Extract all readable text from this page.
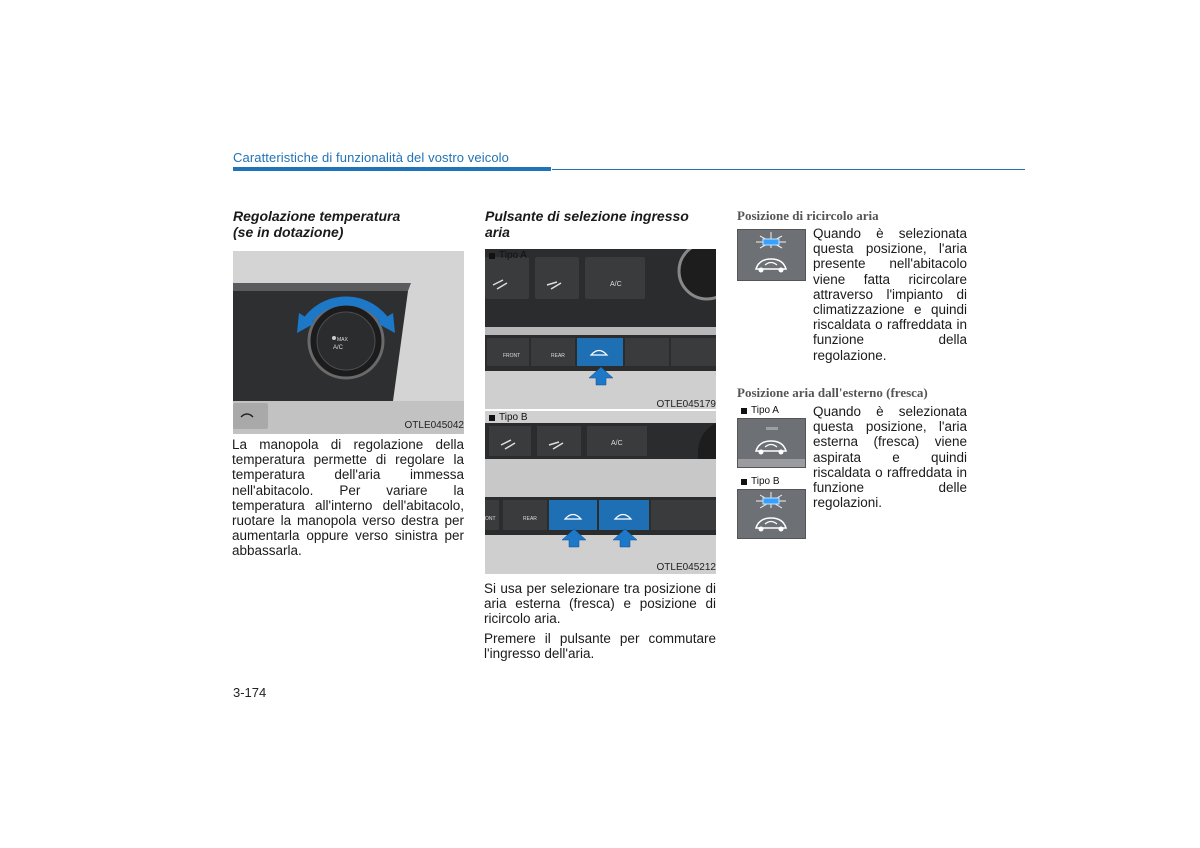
Caratteristiche di funzionalità del vostro veicolo
Regolazione temperatura
(se in dotazione)
MAX
A/C
OTLE045042
La manopola di regolazione della temperatura permette di regolare la temperatura dell'aria immessa nell'abitacolo. Per variare la temperatura all'interno dell'abitacolo, ruotare la manopola verso destra per aumentarla oppure verso sinistra per abbassarla.
Pulsante di selezione ingresso
aria
A/C
FRONT	REAR
Tipo A
OTLE045179
A/C
ONT	REAR
Tipo B
OTLE045212

Si usa per selezionare tra posizione di aria esterna (fresca) e posizione di ricircolo aria.

Premere il pulsante per commutare l'ingresso dell'aria.

Posizione di ricircolo aria
Quando è selezionata questa posizione, l'aria presente nell'abitacolo viene fatta ricircolare attraverso l'impianto di climatizzazione e quindi riscaldata o raffreddata in funzione della regolazione.
Posizione aria dall'esterno (fresca)
Tipo A
Tipo B
Quando è selezionata questa posizione, l'aria esterna (fresca) viene aspirata e quindi riscaldata o raffreddata in funzione delle regolazioni.
3-174
